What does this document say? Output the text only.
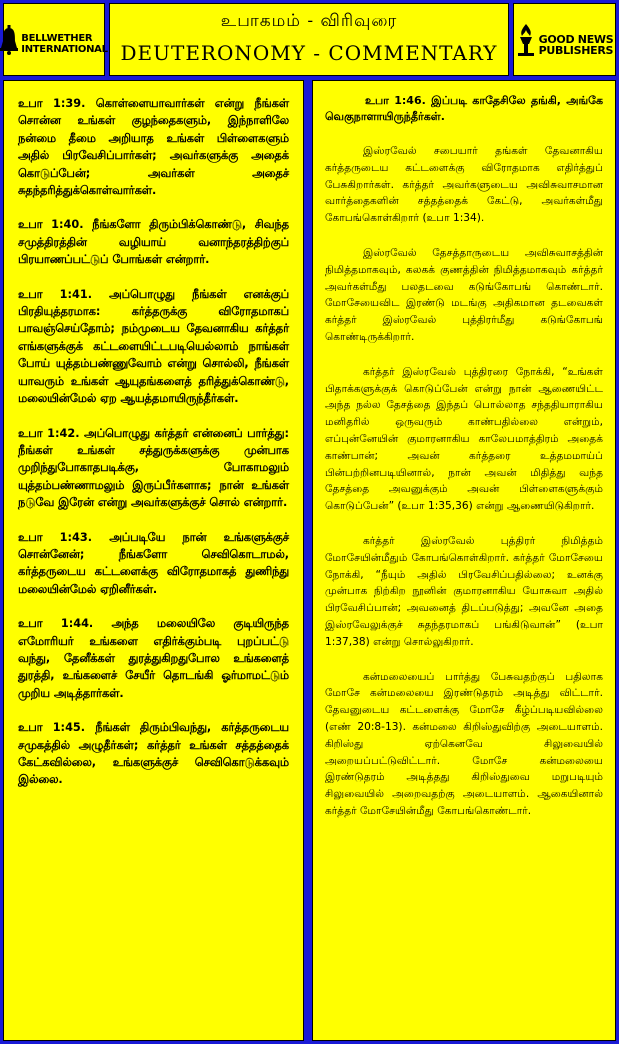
BELLWETHER
INTERNATIONAL
உபாகமம் - விரிவுரை
DEUTERONOMY - COMMENTARY
GOOD NEWS
PUBLISHERS

உபா 1:39. கொள்ளையாவார்கள் என்று நீங்கள் சொன்ன உங்கள் குழந்தைகளும், இந்நாளிலே நன்மை தீமை அறியாத உங்கள் பிள்ளைகளும் அதில் பிரவேசிப்பார்கள்; அவர்களுக்கு அதைக் கொடுப்பேன்; அவர்கள் அதைச் சுதந்தரித்துக்கொள்வார்கள்.

உபா 1:40. நீங்களோ திரும்பிக்கொண்டு, சிவந்த சமுத்திரத்தின் வழியாய் வனாந்தரத்திற்குப் பிரயாணப்பட்டுப் போங்கள் என்றார்.

உபா 1:41. அப்பொழுது நீங்கள் எனக்குப் பிரதியுத்தரமாக: கர்த்தருக்கு விரோதமாகப் பாவஞ்செய்தோம்; நம்முடைய தேவனாகிய கர்த்தர் எங்களுக்குக் கட்டளையிட்டபடியெல்லாம் நாங்கள் போய் யுத்தம்பண்ணுவோம் என்று சொல்லி, நீங்கள் யாவரும் உங்கள் ஆயுதங்களைத் தரித்துக்கொண்டு, மலையின்மேல் ஏற ஆயத்தமாயிருந்தீர்கள்.

உபா 1:42. அப்பொழுது கர்த்தர் என்னைப் பார்த்து: நீங்கள் உங்கள் சத்துருக்களுக்கு முன்பாக முறிந்துபோகாதபடிக்கு, போகாமலும் யுத்தம்பண்ணாமலும் இருப்பீர்களாக; நான் உங்கள் நடுவே இரேன் என்று அவர்களுக்குச் சொல் என்றார்.

உபா 1:43. அப்படியே நான் உங்களுக்குச் சொன்னேன்; நீங்களோ செவிகொடாமல், கர்த்தருடைய கட்டளைக்கு விரோதமாகத் துணிந்து மலையின்மேல் ஏறினீர்கள்.

உபா 1:44. அந்த மலையிலே குடியிருந்த எமோரியர் உங்களை எதிர்க்கும்படி புறப்பட்டு வந்து, தேனீக்கள் துரத்துகிறதுபோல உங்களைத் துரத்தி, உங்களைச் சேயீர் தொடங்கி ஓர்மாமட்டும் முறிய அடித்தார்கள்.

உபா 1:45. நீங்கள் திரும்பிவந்து, கர்த்தருடைய சமுகத்தில் அழுதீர்கள்; கர்த்தர் உங்கள் சத்தத்தைக் கேட்கவில்லை, உங்களுக்குச் செவிகொடுக்கவும் இல்லை.

உபா 1:46. இப்படி காதேசிலே தங்கி, அங்கே வெகுநாளாயிருந்தீர்கள்.

இஸ்ரவேல் சபையார் தங்கள் தேவனாகிய கர்த்தருடைய கட்டளைக்கு விரோதமாக எதிர்த்துப் பேசுகிறார்கள். கர்த்தர் அவர்களுடைய அவிசுவாசமான வார்த்தைகளின் சத்தத்தைக் கேட்டு, அவர்கள்மீது கோபங்கொள்கிறார் (உபா 1:34).

இஸ்ரவேல் தேசத்தாருடைய அவிசுவாசத்தின் நிமித்தமாகவும், கலகக் குணத்தின் நிமித்தமாகவும் கர்த்தர் அவர்கள்மீது பலதடவை கடுங்கோபங் கொண்டார். மோசேயைவிட இரண்டு மடங்கு அதிகமான தடவைகள் கர்த்தர் இஸ்ரவேல் புத்திரர்மீது கடுங்கோபங் கொண்டிருக்கிறார்.

கர்த்தர் இஸ்ரவேல் புத்திரரை நோக்கி, “உங்கள் பிதாக்களுக்குக் கொடுப்பேன் என்று நான் ஆணையிட்ட அந்த நல்ல தேசத்தை இந்தப் பொல்லாத சந்ததியாராகிய மனிதரில் ஒருவரும் காண்பதில்லை என்றும், எப்புன்னேயின் குமாரனாகிய காலேபமாத்திரம் அதைக் காண்பான்; அவன் கர்த்தரை உத்தமமாய்ப் பின்பற்றினபடியினால், நான் அவன் மிதித்து வந்த தேசத்தை அவனுக்கும் அவன் பிள்ளைகளுக்கும் கொடுப்பேன்” (உபா 1:35,36) என்று ஆணையிடுகிறார்.

கர்த்தர் இஸ்ரவேல் புத்திரர் நிமித்தம் மோசேயின்மீதும் கோபங்கொள்கிறார். கர்த்தர் மோசேயை நோக்கி, “நீயும் அதில் பிரவேசிப்பதில்லை; உனக்கு முன்பாக நிற்கிற நூனின் குமாரனாகிய யோசுவா அதில் பிரவேசிப்பான்; அவனைத் திடப்படுத்து; அவனே அதை இஸ்ரவேலுக்குச் சுதந்தரமாகப் பங்கிடுவான்” (உபா 1:37,38) என்று சொல்லுகிறார்.

கன்மலையைப் பார்த்து பேசுவதற்குப் பதிலாக மோசே கன்மலையை இரண்டுதரம் அடித்து விட்டார். தேவனுடைய கட்டளைக்கு மோசே கீழ்ப்படியவில்லை (எண் 20:8-13). கன்மலை கிறிஸ்துவிற்கு அடையாளம். கிறிஸ்து ஏற்கெனவே சிலுவையில் அறையப்பட்டுவிட்டார். மோசே கன்மலையை இரண்டுதரம் அடித்தது கிறிஸ்துவை மறுபடியும் சிலுவையில் அறைவதற்கு அடையாளம். ஆகையினால் கர்த்தர் மோசேயின்மீது கோபங்கொண்டார்.
